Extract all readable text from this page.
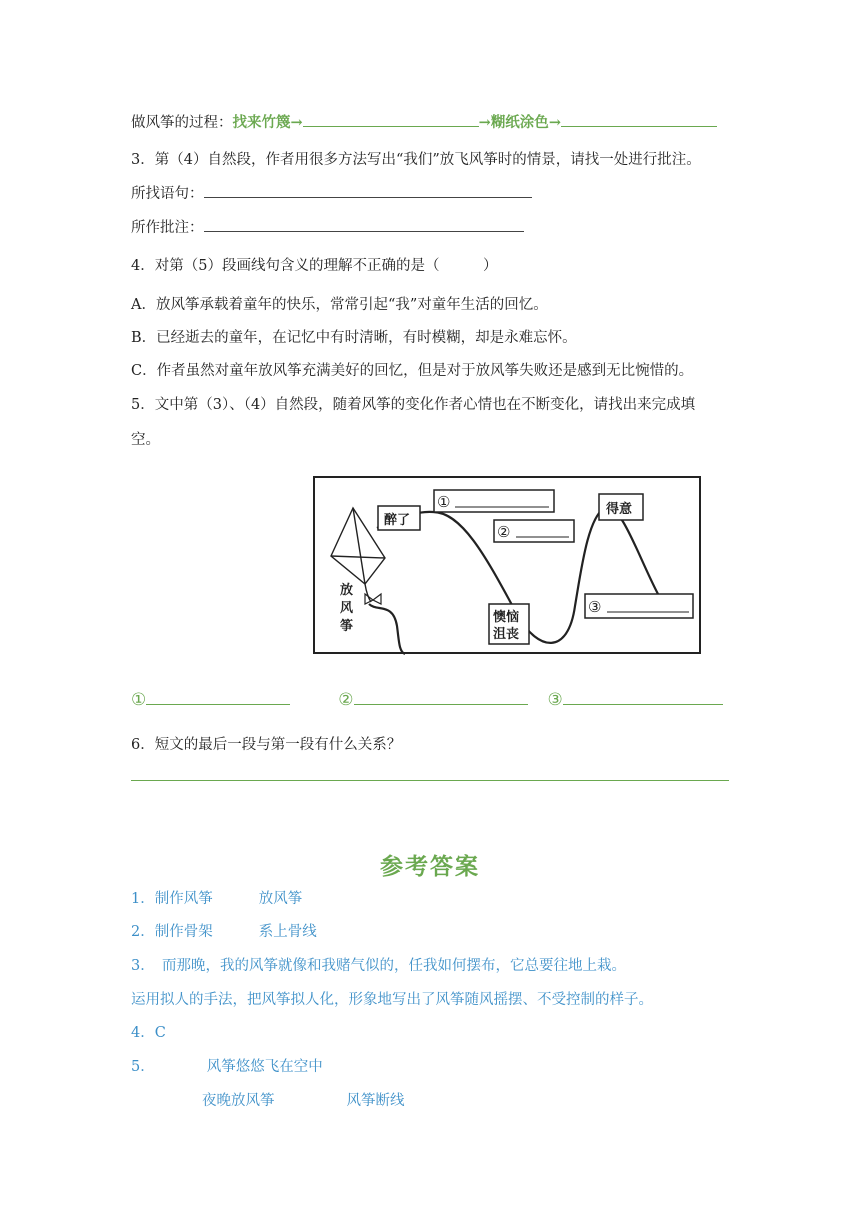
做风筝的过程：找来竹篾→	→糊纸涂色→
3．第（4）自然段，作者用很多方法写出“我们”放飞风筝时的情景，请找一处进行批注。
所找语句：
所作批注：
4．对第（5）段画线句含义的理解不正确的是（　　　）
A．放风筝承载着童年的快乐，常常引起“我”对童年生活的回忆。
B．已经逝去的童年，在记忆中有时清晰，有时模糊，却是永难忘怀。
C．作者虽然对童年放风筝充满美好的回忆，但是对于放风筝失败还是感到无比惋惜的。
5．文中第（3）、（4）自然段，随着风筝的变化作者心情也在不断变化，请找出来完成填
空。
放
风
筝
醉了
①
②
得意
③
懊恼
沮丧
①	②	③
6．短文的最后一段与第一段有什么关系？
参考答案
1．制作风筝	放风筝
2．制作骨架	系上骨线
3．　而那晚，我的风筝就像和我赌气似的，任我如何摆布，它总要往地上栽。
运用拟人的手法，把风筝拟人化，形象地写出了风筝随风摇摆、不受控制的样子。
4．C
5．	风筝悠悠飞在空中
夜晚放风筝	风筝断线
